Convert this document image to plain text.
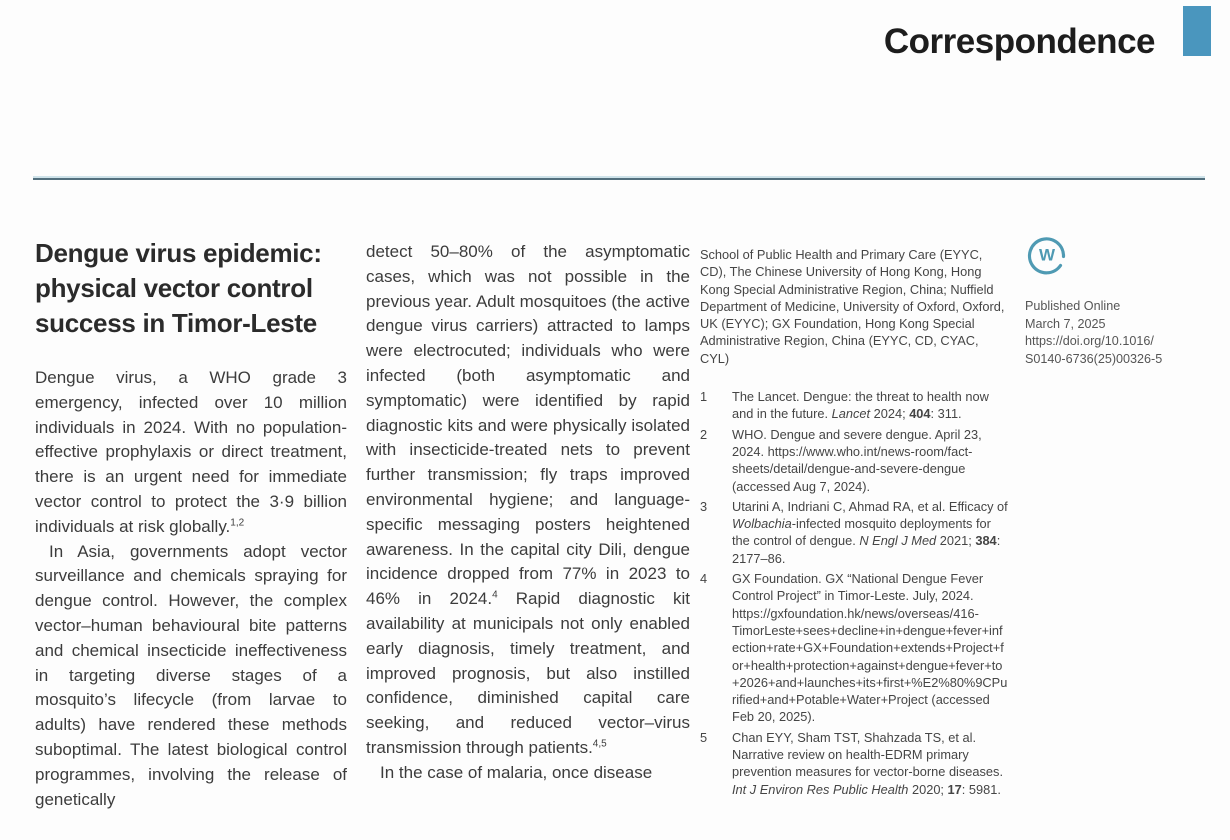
Correspondence
Dengue virus epidemic: physical vector control success in Timor-Leste

Dengue virus, a WHO grade 3 emergency, infected over 10 million individuals in 2024. With no population-effective prophylaxis or direct treatment, there is an urgent need for immediate vector control to protect the 3·9 billion individuals at risk globally.$^{1,2}$

In Asia, governments adopt vector surveillance and chemicals spraying for dengue control. However, the complex vector–human behavioural bite patterns and chemical insecticide ineffectiveness in targeting diverse stages of a mosquito’s lifecycle (from larvae to adults) have rendered these methods suboptimal. The latest biological control programmes, involving the release of genetically

detect 50–80% of the asymptomatic cases, which was not possible in the previous year. Adult mosquitoes (the active dengue virus carriers) attracted to lamps were electrocuted; individuals who were infected (both asymptomatic and symptomatic) were identified by rapid diagnostic kits and were physically isolated with insecticide-treated nets to prevent further transmission; fly traps improved environmental hygiene; and language-specific messaging posters heightened awareness. In the capital city Dili, dengue incidence dropped from 77% in 2023 to 46% in 2024.$^4$ Rapid diagnostic kit availability at municipals not only enabled early diagnosis, timely treatment, and improved prognosis, but also instilled confidence, diminished capital care seeking, and reduced vector–virus transmission through patients.$^{4,5}$

In the case of malaria, once disease

School of Public Health and Primary Care (EYYC, CD), The Chinese University of Hong Kong, Hong Kong Special Administrative Region, China; Nuffield Department of Medicine, University of Oxford, Oxford, UK (EYYC); GX Foundation, Hong Kong Special Administrative Region, China (EYYC, CD, CYAC, CYL)

1	The Lancet. Dengue: the threat to health now and in the future. Lancet 2024; 404: 311.
2	WHO. Dengue and severe dengue. April 23, 2024. https://www.who.int/news-room/fact-sheets/detail/dengue-and-severe-dengue (accessed Aug 7, 2024).
3	Utarini A, Indriani C, Ahmad RA, et al. Efficacy of Wolbachia-infected mosquito deployments for the control of dengue. N Engl J Med 2021; 384: 2177–86.
4	GX Foundation. GX “National Dengue Fever Control Project” in Timor-Leste. July, 2024. https://gxfoundation.hk/news/overseas/416-TimorLeste+sees+decline+in+dengue+fever+infection+rate+GX+Foundation+extends+Project+for+health+protection+against+dengue+fever+to+2026+and+launches+its+first+%E2%80%9CPurified+and+Potable+Water+Project (accessed Feb 20, 2025).
5	Chan EYY, Sham TST, Shahzada TS, et al. Narrative review on health-EDRM primary prevention measures for vector-borne diseases. Int J Environ Res Public Health 2020; 17: 5981.
W
Published Online
March 7, 2025
https://doi.org/10.1016/
S0140-6736(25)00326-5
